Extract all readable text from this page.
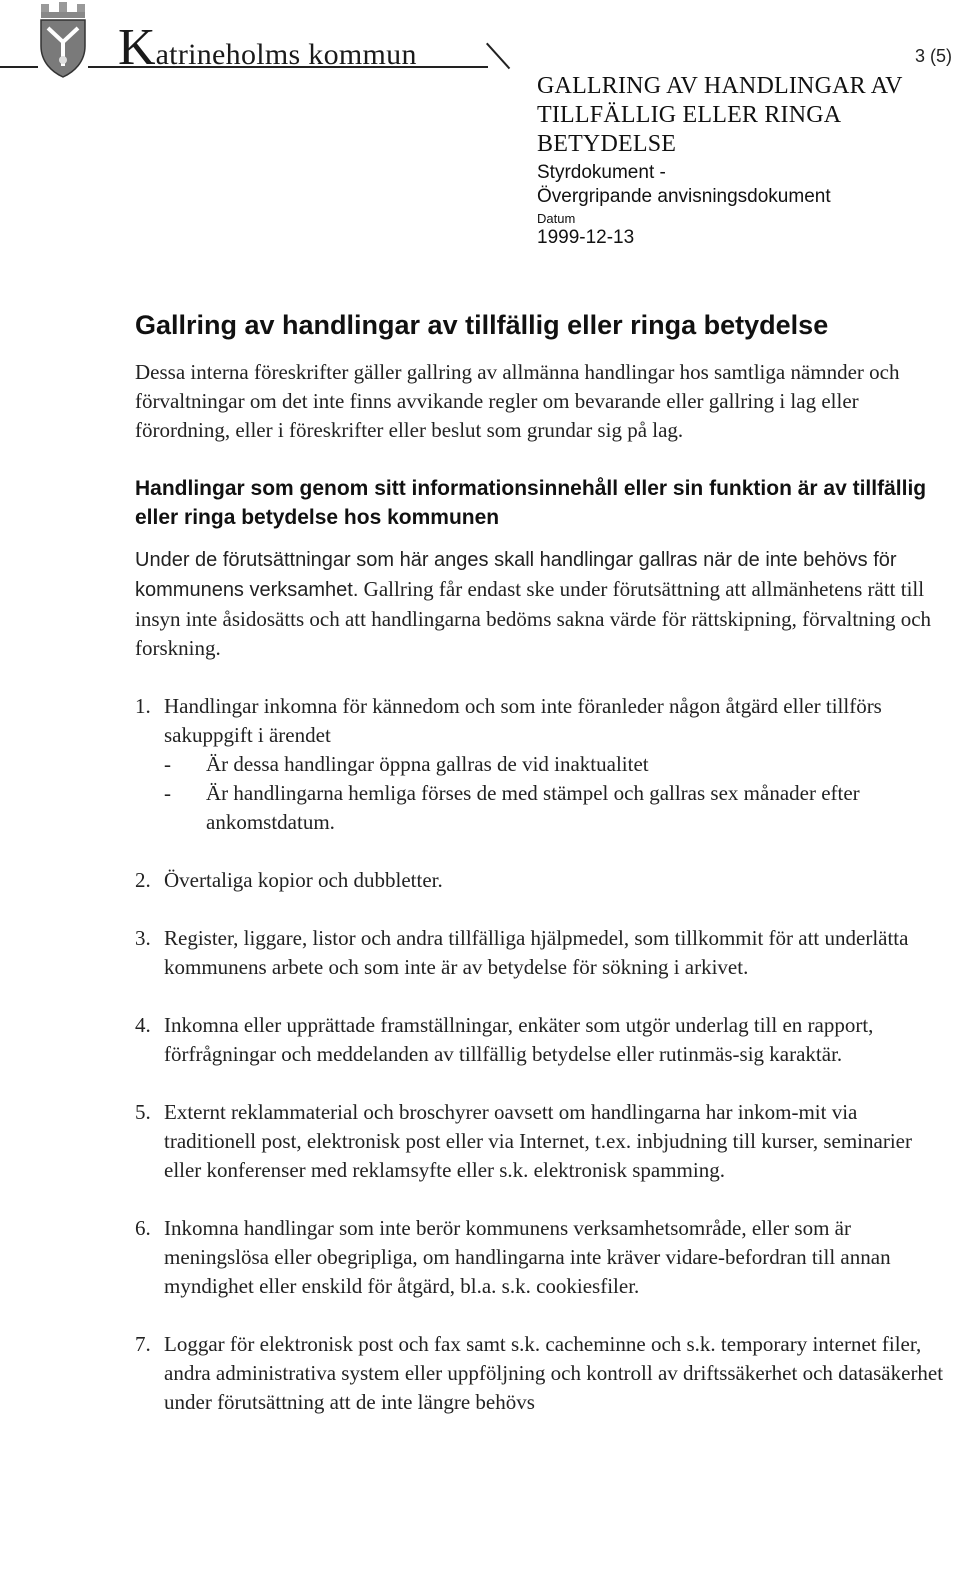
Katrineholms kommun	3 (5)
GALLRING AV HANDLINGAR AV TILLFÄLLIG ELLER RINGA BETYDELSE
Styrdokument -
Övergripande anvisningsdokument
Datum
1999-12-13
Gallring av handlingar av tillfällig eller ringa betydelse

Dessa interna föreskrifter gäller gallring av allmänna handlingar hos samtliga nämnder och förvaltningar om det inte finns avvikande regler om bevarande eller gallring i lag eller förordning, eller i föreskrifter eller beslut som grundar sig på lag.

Handlingar som genom sitt informationsinnehåll eller sin funktion är av tillfällig eller ringa betydelse hos kommunen

Under de förutsättningar som här anges skall handlingar gallras när de inte behövs för kommunens verksamhet. Gallring får endast ske under förutsättning att allmänhetens rätt till insyn inte åsidosätts och att handlingarna bedöms sakna värde för rättskipning, förvaltning och forskning.

1. Handlingar inkomna för kännedom och som inte föranleder någon åtgärd eller tillförs sakuppgift i ärendet
- Är dessa handlingar öppna gallras de vid inaktualitet
- Är handlingarna hemliga förses de med stämpel och gallras sex månader efter
ankomstdatum.
2. Övertaliga kopior och dubbletter.
3. Register, liggare, listor och andra tillfälliga hjälpmedel, som tillkommit för att underlätta kommunens arbete och som inte är av betydelse för sökning i arkivet.
4. Inkomna eller upprättade framställningar, enkäter som utgör underlag till en rapport, förfrågningar och meddelanden av tillfällig betydelse eller rutinmäs-sig karaktär.
5. Externt reklammaterial och broschyrer oavsett om handlingarna har inkom-mit via traditionell post, elektronisk post eller via Internet, t.ex. inbjudning till kurser, seminarier eller konferenser med reklamsyfte eller s.k. elektronisk spamming.
6. Inkomna handlingar som inte berör kommunens verksamhetsområde, eller som är meningslösa eller obegripliga, om handlingarna inte kräver vidare-befordran till annan myndighet eller enskild för åtgärd, bl.a. s.k. cookiesfiler.
7. Loggar för elektronisk post och fax samt s.k. cacheminne och s.k. temporary internet filer, andra administrativa system eller uppföljning och kontroll av driftssäkerhet och datasäkerhet under förutsättning att de inte längre behövs
